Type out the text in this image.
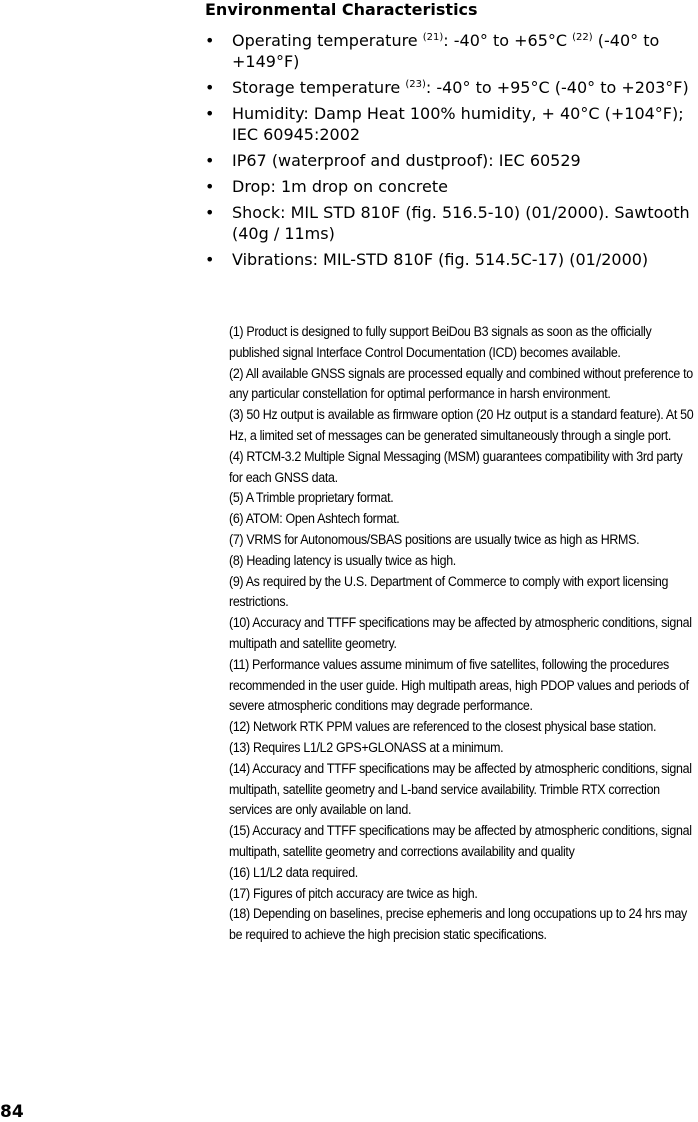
Environmental Characteristics
• Operating temperature $^{(21)}$: -40° to +65°C $^{(22)}$ (-40° to +149°F)
• Storage temperature $^{(23)}$: -40° to +95°C (-40° to +203°F)
• Humidity: Damp Heat 100% humidity, + 40°C (+104°F); IEC 60945:2002
• IP67 (waterproof and dustproof): IEC 60529
• Drop: 1m drop on concrete
• Shock: MIL STD 810F (fig. 516.5-10) (01/2000). Sawtooth (40g / 11ms)
• Vibrations: MIL-STD 810F (fig. 514.5C-17) (01/2000)

(1) Product is designed to fully support BeiDou B3 signals as soon as the officially published signal Interface Control Documentation (ICD) becomes available.

(2) All available GNSS signals are processed equally and combined without preference to any particular constellation for optimal performance in harsh environment.

(3) 50 Hz output is available as firmware option (20 Hz output is a standard feature). At 50 Hz, a limited set of messages can be generated simultaneously through a single port.

(4) RTCM-3.2 Multiple Signal Messaging (MSM) guarantees compatibility with 3rd party for each GNSS data.

(5) A Trimble proprietary format.

(6) ATOM: Open Ashtech format.

(7) VRMS for Autonomous/SBAS positions are usually twice as high as HRMS.

(8) Heading latency is usually twice as high.

(9) As required by the U.S. Department of Commerce to comply with export licensing restrictions.

(10) Accuracy and TTFF specifications may be affected by atmospheric conditions, signal multipath and satellite geometry.

(11) Performance values assume minimum of five satellites, following the procedures recommended in the user guide. High multipath areas, high PDOP values and periods of severe atmospheric conditions may degrade performance.

(12) Network RTK PPM values are referenced to the closest physical base station.

(13) Requires L1/L2 GPS+GLONASS at a minimum.

(14) Accuracy and TTFF specifications may be affected by atmospheric conditions, signal multipath, satellite geometry and L-band service availability. Trimble RTX correction services are only available on land.

(15) Accuracy and TTFF specifications may be affected by atmospheric conditions, signal multipath, satellite geometry and corrections availability and quality

(16) L1/L2 data required.

(17) Figures of pitch accuracy are twice as high.

(18) Depending on baselines, precise ephemeris and long occupations up to 24 hrs may be required to achieve the high precision static specifications.

84
